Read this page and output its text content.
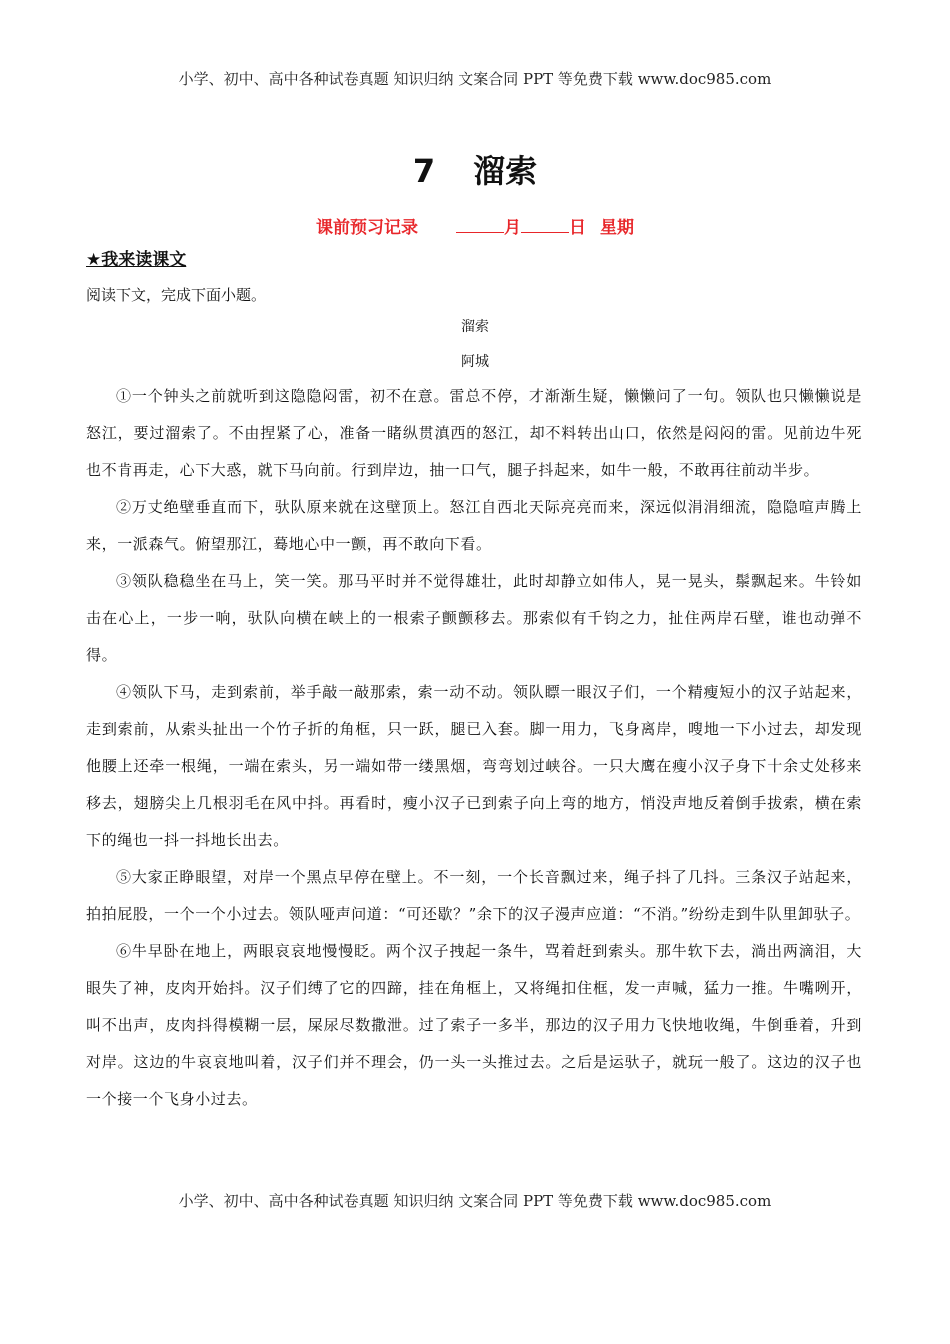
小学、初中、高中各种试卷真题 知识归纳 文案合同 PPT 等免费下载 www.doc985.com
7 溜索
课前预习记录	月	日 星期
★我来读课文
阅读下文，完成下面小题。
溜索
阿城

①一个钟头之前就听到这隐隐闷雷，初不在意。雷总不停，才渐渐生疑，懒懒问了一句。领队也只懒懒说是怒江，要过溜索了。不由捏紧了心，准备一睹纵贯滇西的怒江，却不料转出山口，依然是闷闷的雷。见前边牛死也不肯再走，心下大惑，就下马向前。行到岸边，抽一口气，腿子抖起来，如牛一般，不敢再往前动半步。

②万丈绝壁垂直而下，驮队原来就在这壁顶上。怒江自西北天际亮亮而来，深远似涓涓细流，隐隐喧声腾上来，一派森气。俯望那江，蓦地心中一颤，再不敢向下看。

③领队稳稳坐在马上，笑一笑。那马平时并不觉得雄壮，此时却静立如伟人，晃一晃头，鬃飘起来。牛铃如击在心上，一步一响，驮队向横在峡上的一根索子颤颤移去。那索似有千钧之力，扯住两岸石壁，谁也动弹不得。

④领队下马，走到索前，举手敲一敲那索，索一动不动。领队瞟一眼汉子们，一个精瘦短小的汉子站起来，走到索前，从索头扯出一个竹子折的角框，只一跃，腿已入套。脚一用力，飞身离岸，嗖地一下小过去，却发现他腰上还牵一根绳，一端在索头，另一端如带一缕黑烟，弯弯划过峡谷。一只大鹰在瘦小汉子身下十余丈处移来移去，翅膀尖上几根羽毛在风中抖。再看时，瘦小汉子已到索子向上弯的地方，悄没声地反着倒手拔索，横在索下的绳也一抖一抖地长出去。

⑤大家正睁眼望，对岸一个黑点早停在壁上。不一刻，一个长音飘过来，绳子抖了几抖。三条汉子站起来，拍拍屁股，一个一个小过去。领队哑声问道：“可还歇？”余下的汉子漫声应道：“不消。”纷纷走到牛队里卸驮子。

⑥牛早卧在地上，两眼哀哀地慢慢眨。两个汉子拽起一条牛，骂着赶到索头。那牛软下去，淌出两滴泪，大眼失了神，皮肉开始抖。汉子们缚了它的四蹄，挂在角框上，又将绳扣住框，发一声喊，猛力一推。牛嘴咧开，叫不出声，皮肉抖得模糊一层，屎尿尽数撒泄。过了索子一多半，那边的汉子用力飞快地收绳，牛倒垂着，升到对岸。这边的牛哀哀地叫着，汉子们并不理会，仍一头一头推过去。之后是运驮子，就玩一般了。这边的汉子也一个接一个飞身小过去。

小学、初中、高中各种试卷真题 知识归纳 文案合同 PPT 等免费下载 www.doc985.com
